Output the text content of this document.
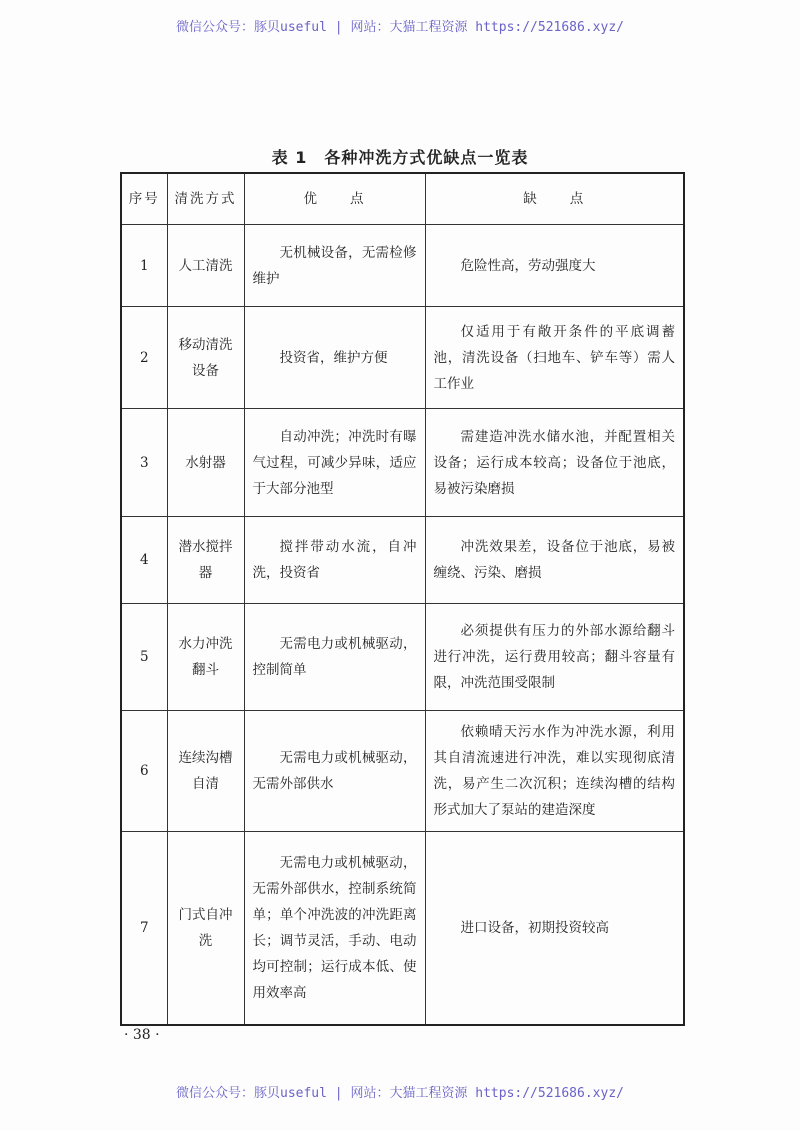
微信公众号：豚贝useful | 网站：大猫工程资源 https://521686.xyz/
表 1　各种冲洗方式优缺点一览表
序号	清洗方式	优　　点	缺　　点
1	人工清洗	无机械设备，无需检修维护	危险性高，劳动强度大
2	移动清洗设备	投资省，维护方便	仅适用于有敞开条件的平底调蓄池，清洗设备（扫地车、铲车等）需人工作业
3	水射器	自动冲洗；冲洗时有曝气过程，可减少异味，适应于大部分池型	需建造冲洗水储水池，并配置相关设备；运行成本较高；设备位于池底，易被污染磨损
4	潜水搅拌器	搅拌带动水流，自冲洗，投资省	冲洗效果差，设备位于池底，易被缠绕、污染、磨损
5	水力冲洗翻斗	无需电力或机械驱动，控制简单	必须提供有压力的外部水源给翻斗进行冲洗，运行费用较高；翻斗容量有限，冲洗范围受限制
6	连续沟槽自清	无需电力或机械驱动，无需外部供水	依赖晴天污水作为冲洗水源，利用其自清流速进行冲洗，难以实现彻底清洗，易产生二次沉积；连续沟槽的结构形式加大了泵站的建造深度
7	门式自冲洗	无需电力或机械驱动，无需外部供水，控制系统简单；单个冲洗波的冲洗距离长；调节灵活，手动、电动均可控制；运行成本低、使用效率高	进口设备，初期投资较高
· 38 ·
微信公众号：豚贝useful | 网站：大猫工程资源 https://521686.xyz/
